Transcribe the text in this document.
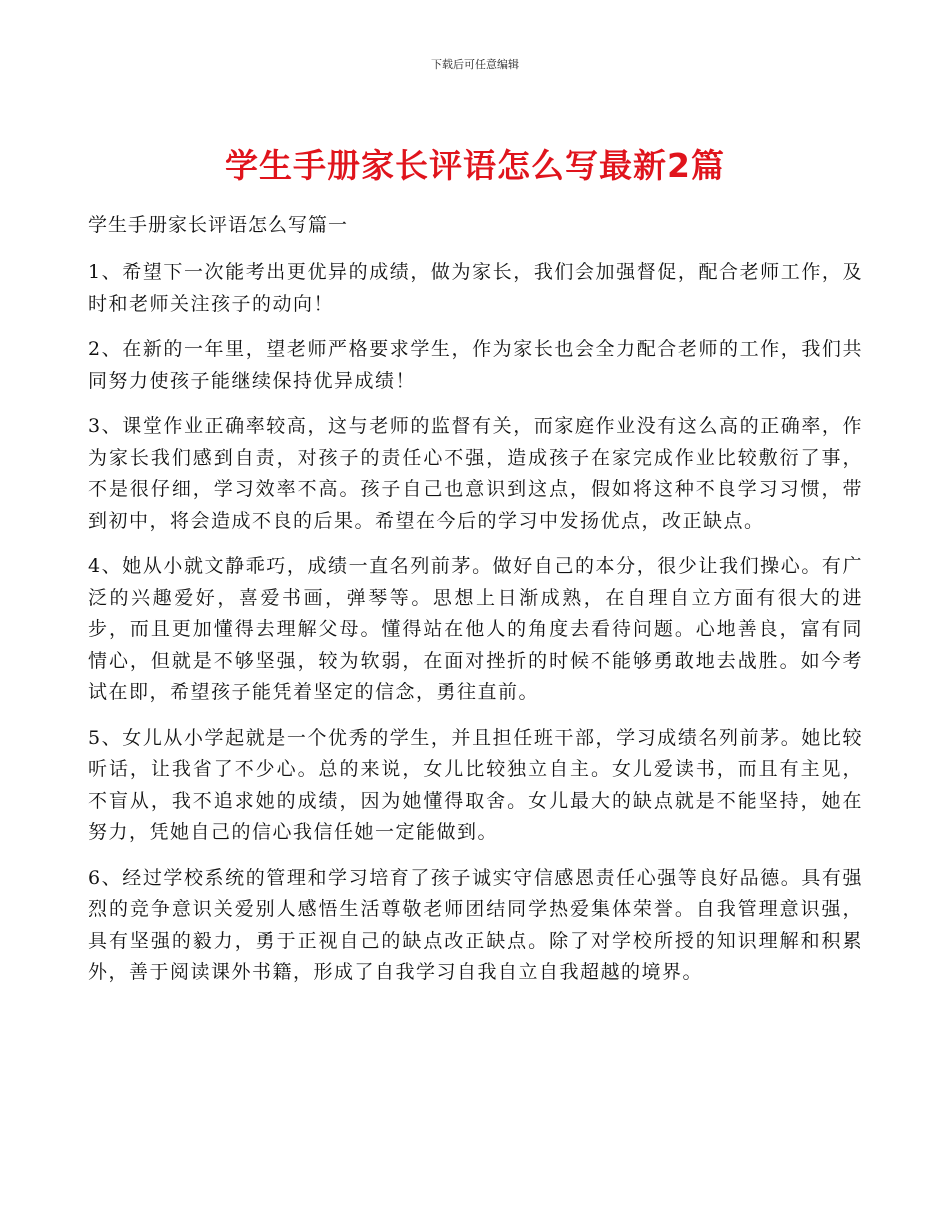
下载后可任意编辑

学生手册家长评语怎么写最新2篇

学生手册家长评语怎么写篇一

1、希望下一次能考出更优异的成绩，做为家长，我们会加强督促，配合老师工作，及时和老师关注孩子的动向！

2、在新的一年里，望老师严格要求学生，作为家长也会全力配合老师的工作，我们共同努力使孩子能继续保持优异成绩！

3、课堂作业正确率较高，这与老师的监督有关，而家庭作业没有这么高的正确率，作为家长我们感到自责，对孩子的责任心不强，造成孩子在家完成作业比较敷衍了事，不是很仔细，学习效率不高。孩子自己也意识到这点，假如将这种不良学习习惯，带到初中，将会造成不良的后果。希望在今后的学习中发扬优点，改正缺点。

4、她从小就文静乖巧，成绩一直名列前茅。做好自己的本分，很少让我们操心。有广泛的兴趣爱好，喜爱书画，弹琴等。思想上日渐成熟，在自理自立方面有很大的进步，而且更加懂得去理解父母。懂得站在他人的角度去看待问题。心地善良，富有同情心，但就是不够坚强，较为软弱，在面对挫折的时候不能够勇敢地去战胜。如今考试在即，希望孩子能凭着坚定的信念，勇往直前。

5、女儿从小学起就是一个优秀的学生，并且担任班干部，学习成绩名列前茅。她比较听话，让我省了不少心。总的来说，女儿比较独立自主。女儿爱读书，而且有主见，不盲从，我不追求她的成绩，因为她懂得取舍。女儿最大的缺点就是不能坚持，她在努力，凭她自己的信心我信任她一定能做到。

6、经过学校系统的管理和学习培育了孩子诚实守信感恩责任心强等良好品德。具有强烈的竞争意识关爱别人感悟生活尊敬老师团结同学热爱集体荣誉。自我管理意识强，具有坚强的毅力，勇于正视自己的缺点改正缺点。除了对学校所授的知识理解和积累外，善于阅读课外书籍，形成了自我学习自我自立自我超越的境界。
